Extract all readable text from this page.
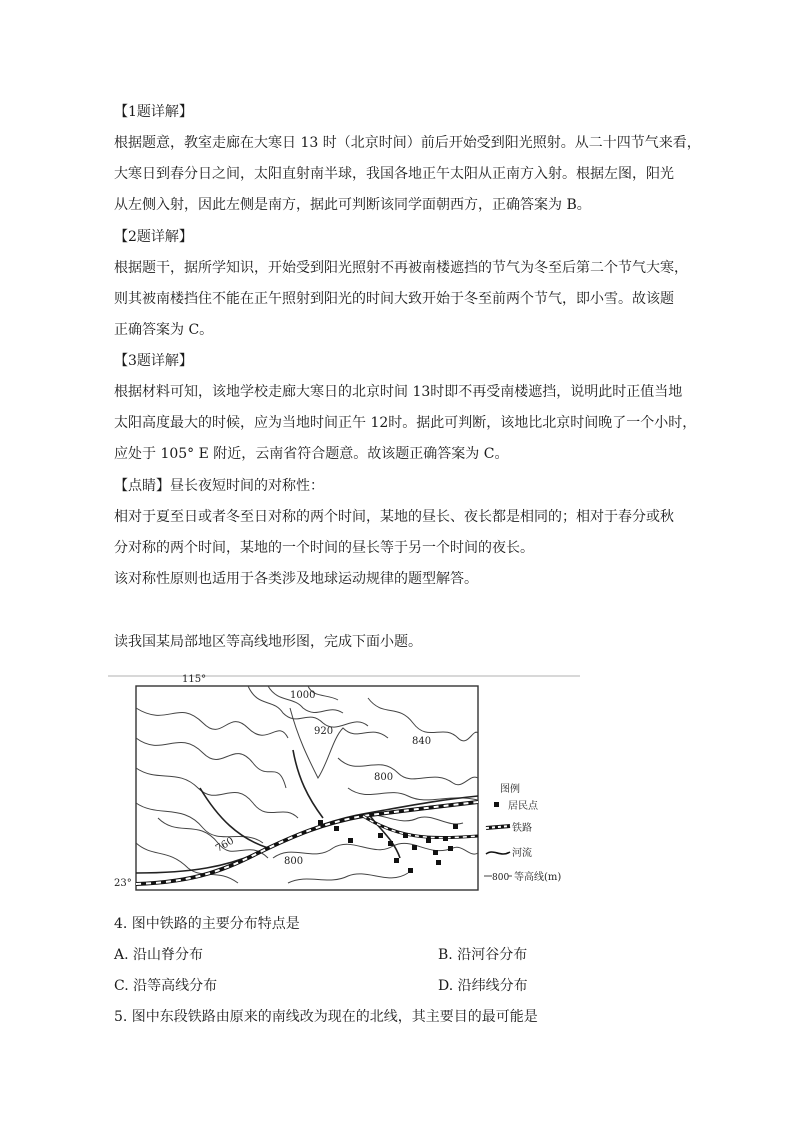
【1题详解】
根据题意，教室走廊在大寒日 13 时（北京时间）前后开始受到阳光照射。从二十四节气来看，
大寒日到春分日之间，太阳直射南半球，我国各地正午太阳从正南方入射。根据左图，阳光
从左侧入射，因此左侧是南方，据此可判断该同学面朝西方，正确答案为 B。
【2题详解】
根据题干，据所学知识，开始受到阳光照射不再被南楼遮挡的节气为冬至后第二个节气大寒，
则其被南楼挡住不能在正午照射到阳光的时间大致开始于冬至前两个节气，即小雪。故该题
正确答案为 C。
【3题详解】
根据材料可知，该地学校走廊大寒日的北京时间 13时即不再受南楼遮挡，说明此时正值当地
太阳高度最大的时候，应为当地时间正午 12时。据此可判断，该地比北京时间晚了一个小时，
应处于 105° E 附近，云南省符合题意。故该题正确答案为 C。
【点睛】昼长夜短时间的对称性：
相对于夏至日或者冬至日对称的两个时间，某地的昼长、夜长都是相同的；相对于春分或秋
分对称的两个时间，某地的一个时间的昼长等于另一个时间的夜长。
该对称性原则也适用于各类涉及地球运动规律的题型解答。
读我国某局部地区等高线地形图，完成下面小题。
115°
23°
1000
920
840
800
760
800
图例
居民点
铁路
河流
800 等高线(m)
4. 图中铁路的主要分布特点是
A. 沿山脊分布	B. 沿河谷分布
C. 沿等高线分布	D. 沿纬线分布
5. 图中东段铁路由原来的南线改为现在的北线，其主要目的最可能是
